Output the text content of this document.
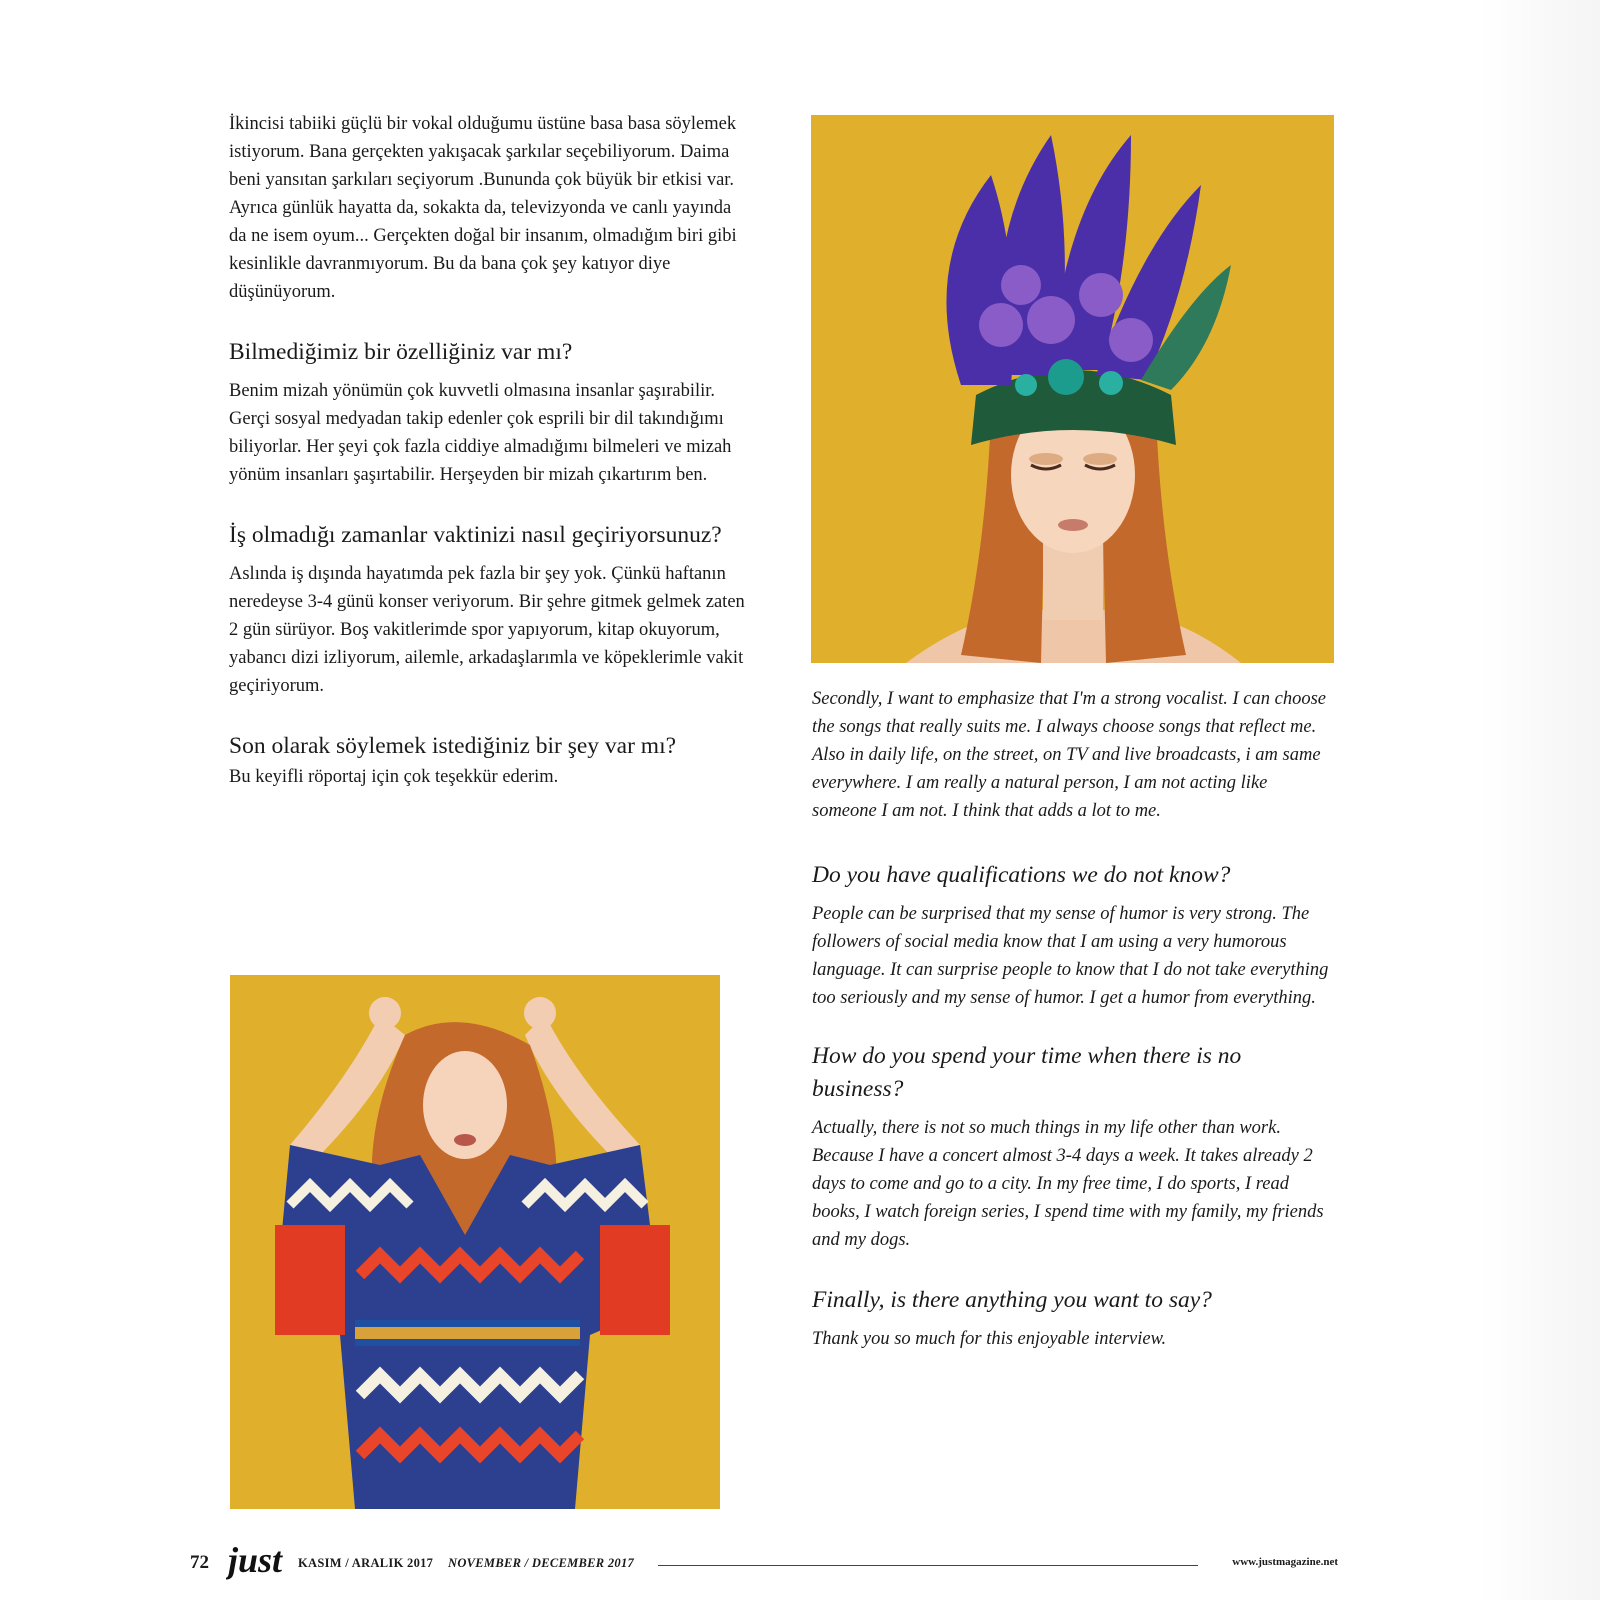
İkincisi tabiiki güçlü bir vokal olduğumu üstüne basa basa söylemek istiyorum. Bana gerçekten yakışacak şarkılar seçebiliyorum. Daima beni yansıtan şarkıları seçiyorum .Bununda çok büyük bir etkisi var. Ayrıca günlük hayatta da, sokakta da, televizyonda ve canlı yayında da ne isem oyum... Gerçekten doğal bir insanım, olmadığım biri gibi kesinlikle davranmıyorum. Bu da bana çok şey katıyor diye düşünüyorum.

Bilmediğimiz bir özelliğiniz var mı?

Benim mizah yönümün çok kuvvetli olmasına insanlar şaşırabilir. Gerçi sosyal medyadan takip edenler çok esprili bir dil takındığımı biliyorlar. Her şeyi çok fazla ciddiye almadığımı bilmeleri ve mizah yönüm insanları şaşırtabilir. Herşeyden bir mizah çıkartırım ben.

İş olmadığı zamanlar vaktinizi nasıl geçiriyorsunuz?

Aslında iş dışında hayatımda pek fazla bir şey yok. Çünkü haftanın neredeyse 3-4 günü konser veriyorum. Bir şehre gitmek gelmek zaten 2 gün sürüyor. Boş vakitlerimde spor yapıyorum, kitap okuyorum, yabancı dizi izliyorum, ailemle, arkadaşlarımla ve köpeklerimle vakit geçiriyorum.

Son olarak söylemek istediğiniz bir şey var mı?

Bu keyifli röportaj için çok teşekkür ederim.

Secondly, I want to emphasize that I'm a strong vocalist. I can choose the songs that really suits me. I always choose songs that reflect me. Also in daily life, on the street, on TV and live broadcasts, i am same everywhere. I am really a natural person, I am not acting like someone I am not. I think that adds a lot to me.

Do you have qualifications we do not know?

People can be surprised that my sense of humor is very strong. The followers of social media know that I am using a very humorous language. It can surprise people to know that I do not take everything too seriously and my sense of humor. I get a humor from everything.

How do you spend your time when there is no business?

Actually, there is not so much things in my life other than work. Because I have a concert almost 3-4 days a week. It takes already 2 days to come and go to a city. In my free time, I do sports, I read books, I watch foreign series, I spend time with my family, my friends and my dogs.

Finally, is there anything you want to say?

Thank you so much for this enjoyable interview.

72 just KASIM / ARALIK 2017 NOVEMBER / DECEMBER 2017	www.justmagazine.net
